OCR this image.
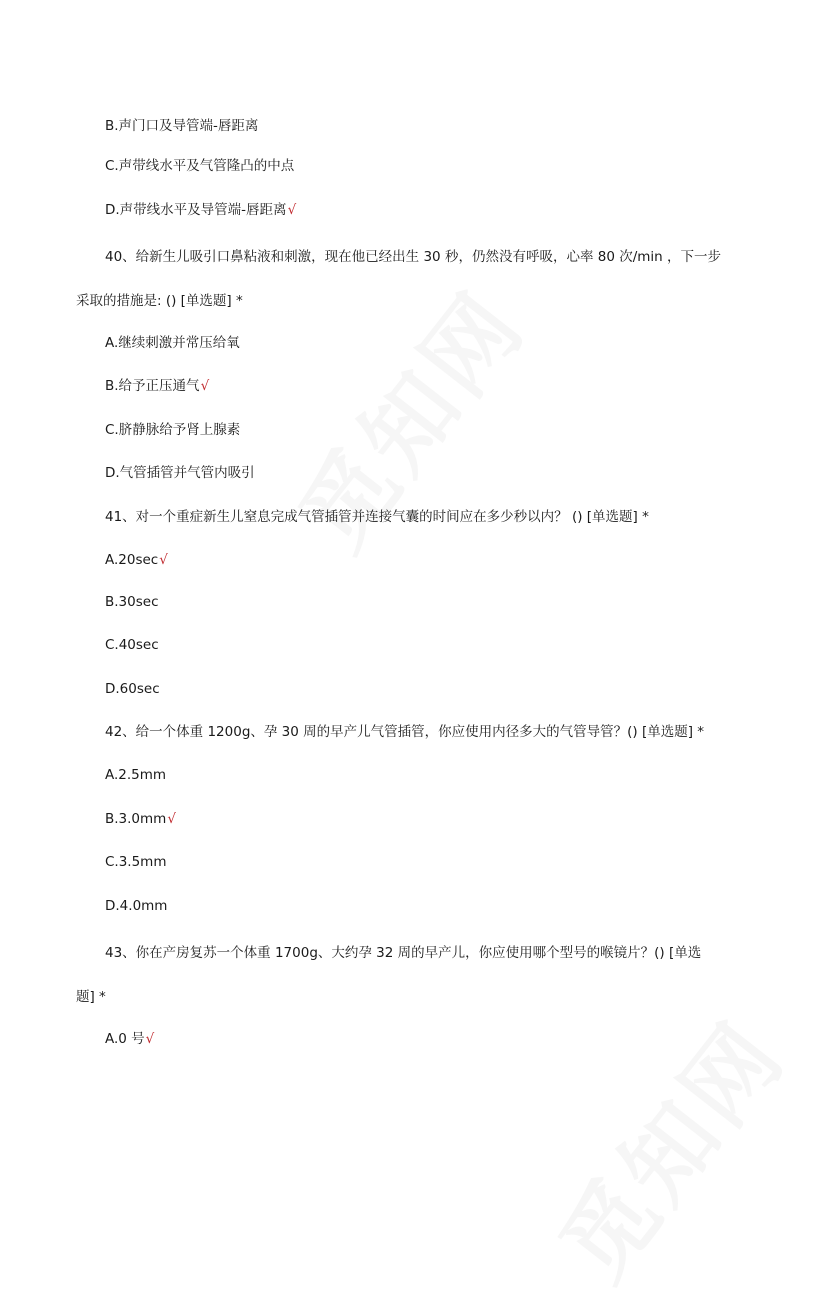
B.声门口及导管端-唇距离
C.声带线水平及气管隆凸的中点
D.声带线水平及导管端-唇距离√
40、给新生儿吸引口鼻粘液和刺激，现在他已经出生 30 秒，仍然没有呼吸，心率 80 次/min ，下一步
采取的措施是: () [单选题] *
A.继续刺激并常压给氧
B.给予正压通气√
C.脐静脉给予肾上腺素
D.气管插管并气管内吸引
41、对一个重症新生儿窒息完成气管插管并连接气囊的时间应在多少秒以内？ () [单选题] *
A.20sec√
B.30sec
C.40sec
D.60sec
42、给一个体重 1200g、孕 30 周的早产儿气管插管，你应使用内径多大的气管导管？() [单选题] *
A.2.5mm
B.3.0mm√
C.3.5mm
D.4.0mm
43、你在产房复苏一个体重 1700g、大约孕 32 周的早产儿，你应使用哪个型号的喉镜片？() [单选
题] *
A.0 号√
